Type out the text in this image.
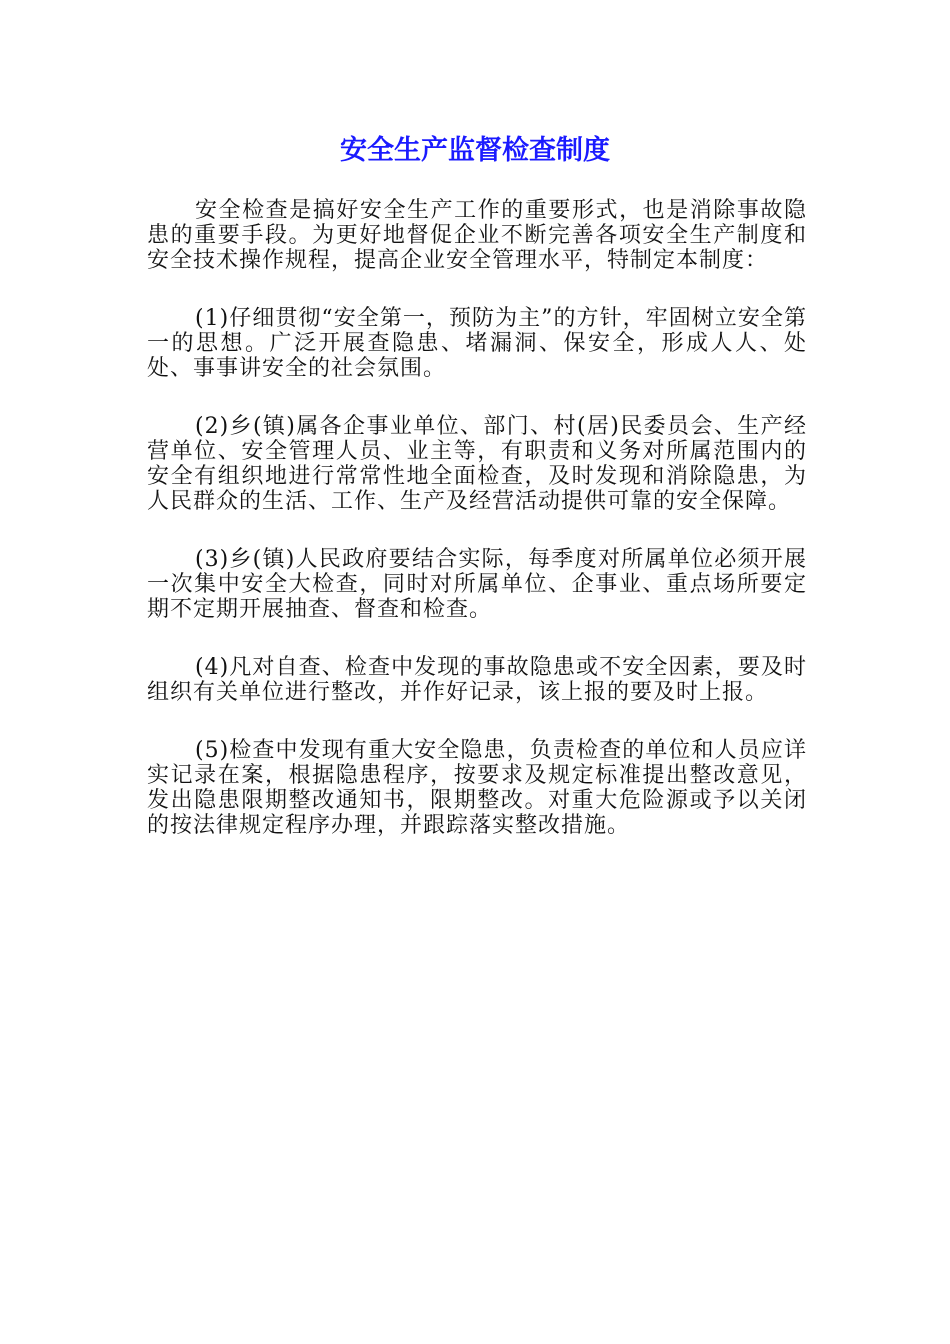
安全生产监督检查制度

安全检查是搞好安全生产工作的重要形式，也是消除事故隐患的重要手段。为更好地督促企业不断完善各项安全生产制度和安全技术操作规程，提高企业安全管理水平，特制定本制度：

(1)仔细贯彻“安全第一，预防为主”的方针，牢固树立安全第一的思想。广泛开展查隐患、堵漏洞、保安全，形成人人、处处、事事讲安全的社会氛围。

(2)乡(镇)属各企事业单位、部门、村(居)民委员会、生产经营单位、安全管理人员、业主等，有职责和义务对所属范围内的安全有组织地进行常常性地全面检查，及时发现和消除隐患，为人民群众的生活、工作、生产及经营活动提供可靠的安全保障。

(3)乡(镇)人民政府要结合实际，每季度对所属单位必须开展一次集中安全大检查，同时对所属单位、企事业、重点场所要定期不定期开展抽查、督查和检查。

(4)凡对自查、检查中发现的事故隐患或不安全因素，要及时组织有关单位进行整改，并作好记录，该上报的要及时上报。

(5)检查中发现有重大安全隐患，负责检查的单位和人员应详实记录在案，根据隐患程序，按要求及规定标准提出整改意见，发出隐患限期整改通知书，限期整改。对重大危险源或予以关闭的按法律规定程序办理，并跟踪落实整改措施。
